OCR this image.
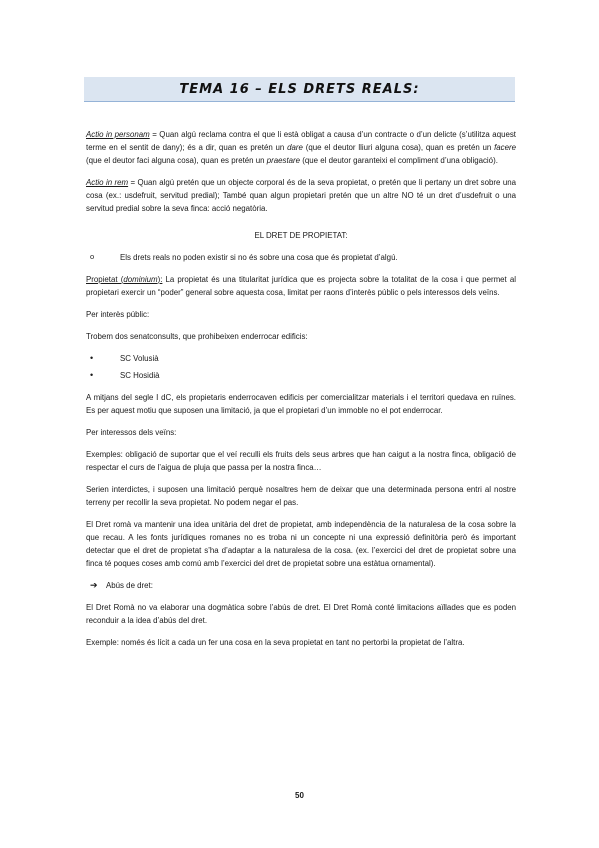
TEMA 16 – ELS DRETS REALS:

Actio in personam = Quan algú reclama contra el que li està obligat a causa d’un contracte o d’un delicte (s’utilitza aquest terme en el sentit de dany); és a dir, quan es pretén un dare (que el deutor lliuri alguna cosa), quan es pretén un facere (que el deutor faci alguna cosa), quan es pretén un praestare (que el deutor garanteixi el compliment d’una obligació).

Actio in rem = Quan algú pretén que un objecte corporal és de la seva propietat, o pretén que li pertany un dret sobre una cosa (ex.: usdefruit, servitud predial); També quan algun propietari pretén que un altre NO té un dret d’usdefruit o una servitud predial sobre la seva finca: acció negatòria.

EL DRET DE PROPIETAT:

o Els drets reals no poden existir si no és sobre una cosa que és propietat d’algú.

Propietat (dominium): La propietat és una titularitat jurídica que es projecta sobre la totalitat de la cosa i que permet al propietari exercir un “poder” general sobre aquesta cosa, limitat per raons d’interès públic o pels interessos dels veïns.

Per interès públic:

Trobem dos senatconsults, que prohibeixen enderrocar edificis:

• SC Volusià
• SC Hosidià

A mitjans del segle I dC, els propietaris enderrocaven edificis per comercialitzar materials i el territori quedava en ruïnes. Es per aquest motiu que suposen una limitació, ja que el propietari d’un immoble no el pot enderrocar.

Per interessos dels veïns:

Exemples: obligació de suportar que el veí reculli els fruits dels seus arbres que han caigut a la nostra finca, obligació de respectar el curs de l’aigua de pluja que passa per la nostra finca…

Serien interdictes, i suposen una limitació perquè nosaltres hem de deixar que una determinada persona entri al nostre terreny per recollir la seva propietat. No podem negar el pas.

El Dret romà va mantenir una idea unitària del dret de propietat, amb independència de la naturalesa de la cosa sobre la que recau. A les fonts jurídiques romanes no es troba ni un concepte ni una expressió definitòria però és important detectar que el dret de propietat s’ha d’adaptar a la naturalesa de la cosa. (ex. l’exercici del dret de propietat sobre una finca té poques coses amb comú amb l’exercici del dret de propietat sobre una estàtua ornamental).

➔ Abús de dret:

El Dret Romà no va elaborar una dogmàtica sobre l’abús de dret. El Dret Romà conté limitacions aïllades que es poden reconduir a la idea d’abús del dret.

Exemple: només és lícit a cada un fer una cosa en la seva propietat en tant no pertorbi la propietat de l’altra.

50
